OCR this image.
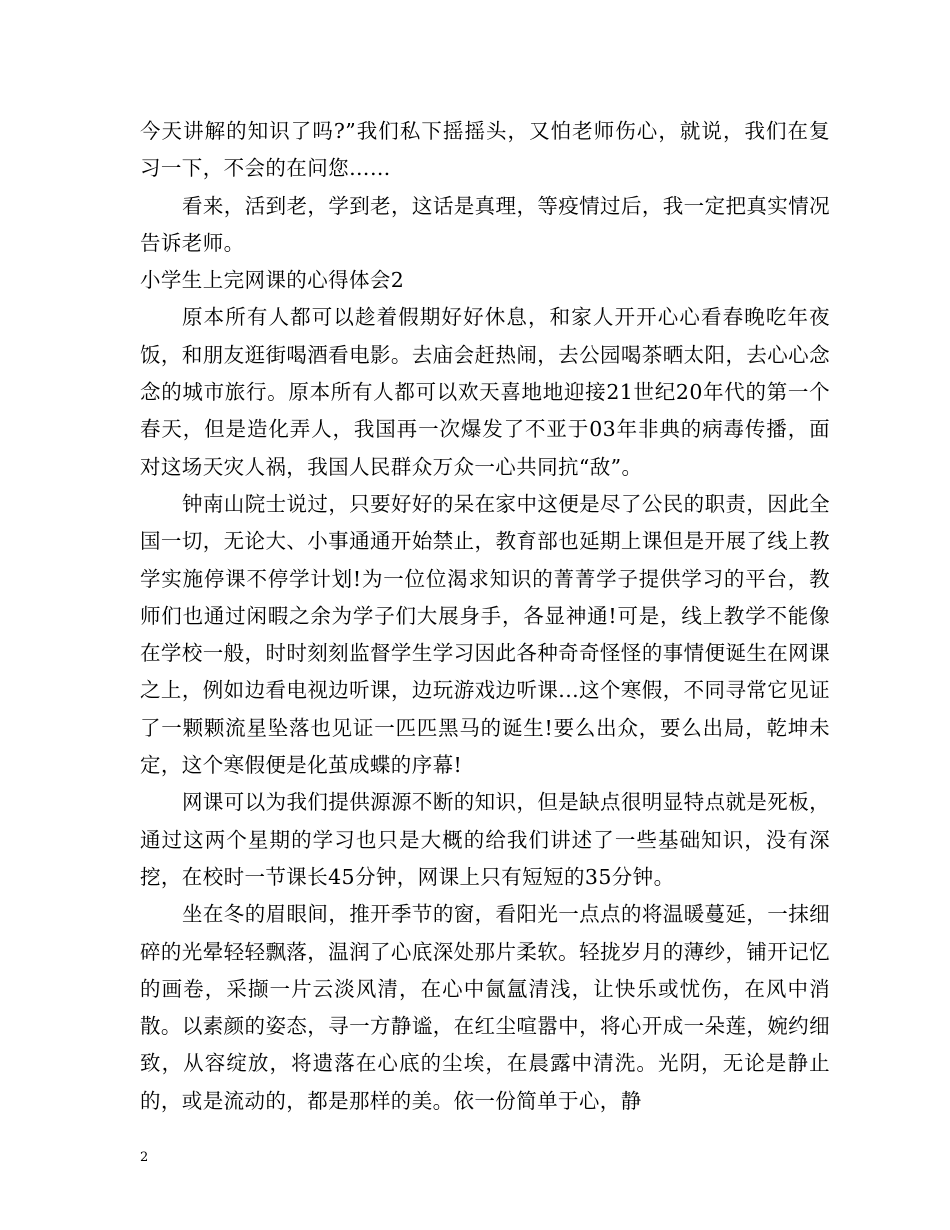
今天讲解的知识了吗?”我们私下摇摇头，又怕老师伤心，就说，我们在复习一下，不会的在问您……

看来，活到老，学到老，这话是真理，等疫情过后，我一定把真实情况告诉老师。

小学生上完网课的心得体会2

原本所有人都可以趁着假期好好休息，和家人开开心心看春晚吃年夜饭，和朋友逛街喝酒看电影。去庙会赶热闹，去公园喝茶晒太阳，去心心念念的城市旅行。原本所有人都可以欢天喜地地迎接21世纪20年代的第一个春天，但是造化弄人，我国再一次爆发了不亚于03年非典的病毒传播，面对这场天灾人祸，我国人民群众万众一心共同抗“敌”。

钟南山院士说过，只要好好的呆在家中这便是尽了公民的职责，因此全国一切，无论大、小事通通开始禁止，教育部也延期上课但是开展了线上教学实施停课不停学计划!为一位位渴求知识的菁菁学子提供学习的平台，教师们也通过闲暇之余为学子们大展身手，各显神通!可是，线上教学不能像在学校一般，时时刻刻监督学生学习因此各种奇奇怪怪的事情便诞生在网课之上，例如边看电视边听课，边玩游戏边听课...这个寒假，不同寻常它见证了一颗颗流星坠落也见证一匹匹黑马的诞生!要么出众，要么出局，乾坤未定，这个寒假便是化茧成蝶的序幕!

网课可以为我们提供源源不断的知识，但是缺点很明显特点就是死板，通过这两个星期的学习也只是大概的给我们讲述了一些基础知识，没有深挖，在校时一节课长45分钟，网课上只有短短的35分钟。

坐在冬的眉眼间，推开季节的窗，看阳光一点点的将温暖蔓延，一抹细碎的光晕轻轻飘落，温润了心底深处那片柔软。轻拢岁月的薄纱，铺开记忆的画卷，采撷一片云淡风清，在心中氤氲清浅，让快乐或忧伤，在风中消散。以素颜的姿态，寻一方静谧，在红尘喧嚣中，将心开成一朵莲，婉约细致，从容绽放，将遗落在心底的尘埃，在晨露中清洗。光阴，无论是静止的，或是流动的，都是那样的美。依一份简单于心，静

2
